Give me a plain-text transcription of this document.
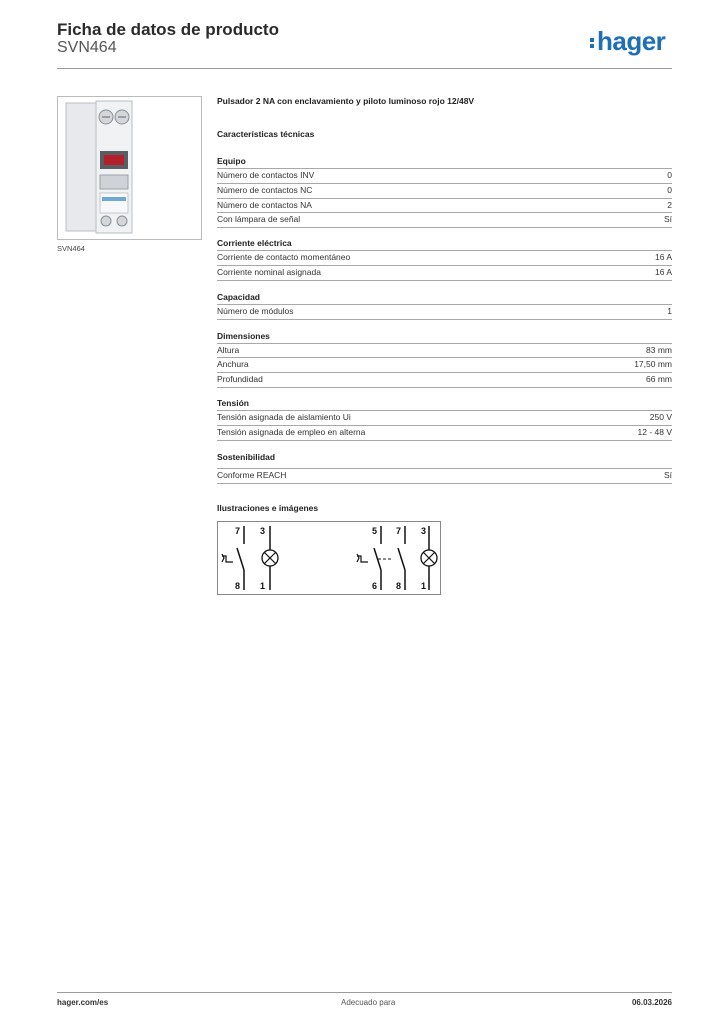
Ficha de datos de producto
SVN464	hager
SVN464
Pulsador 2 NA con enclavamiento y piloto luminoso rojo 12/48V
Características técnicas
Equipo
Número de contactos INV	0
Número de contactos NC	0
Número de contactos NA	2
Con lámpara de señal	Sí
Corriente eléctrica
Corriente de contacto momentáneo	16 A
Corriente nominal asignada	16 A
Capacidad
Número de módulos	1
Dimensiones
Altura	83 mm
Anchura	17,50 mm
Profundidad	66 mm
Tensión
Tensión asignada de aislamiento Ui	250 V
Tensión asignada de empleo en alterna	12 - 48 V
Sostenibilidad
Conforme REACH	Sí
Ilustraciones e imágenes
7
8
3
1
5
6
7
8
3
1
hager.com/es	Adecuado para	06.03.2026
